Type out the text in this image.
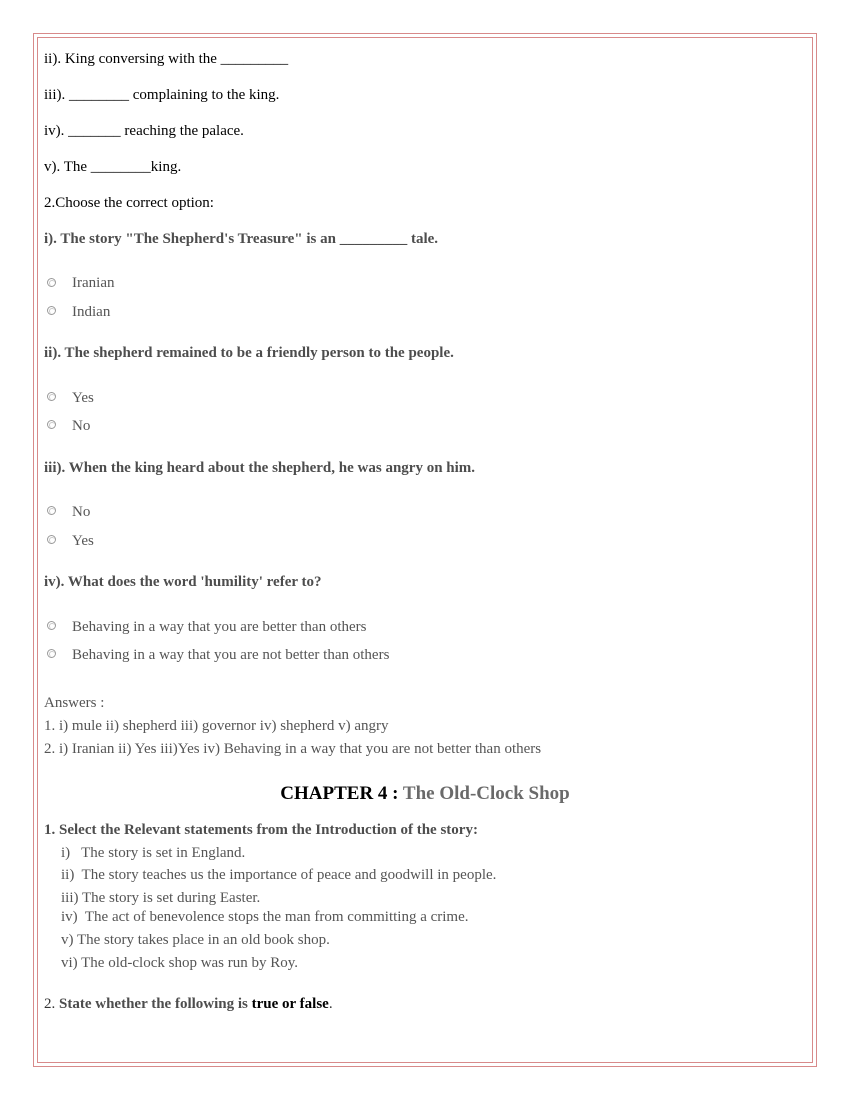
ii). King conversing with the _________
iii). ________ complaining to the king.
iv). _______ reaching the palace.
v). The ________king.
2.Choose the correct option:
i). The story "The Shepherd's Treasure" is an _________ tale.
Iranian
Indian
ii). The shepherd remained to be a friendly person to the people.
Yes
No
iii). When the king heard about the shepherd, he was angry on him.
No
Yes
iv). What does the word 'humility' refer to?
Behaving in a way that you are better than others
Behaving in a way that you are not better than others
Answers :
1. i) mule ii) shepherd iii) governor iv) shepherd v) angry
2. i) Iranian ii) Yes iii)Yes iv) Behaving in a way that you are not better than others
CHAPTER 4 : The Old-Clock Shop
1. Select the Relevant statements from the Introduction of the story:
i)   The story is set in England.
ii)  The story teaches us the importance of peace and goodwill in people.
iii) The story is set during Easter.
iv)  The act of benevolence stops the man from committing a crime.
v) The story takes place in an old book shop.
vi) The old-clock shop was run by Roy.
2. State whether the following is true or false.
